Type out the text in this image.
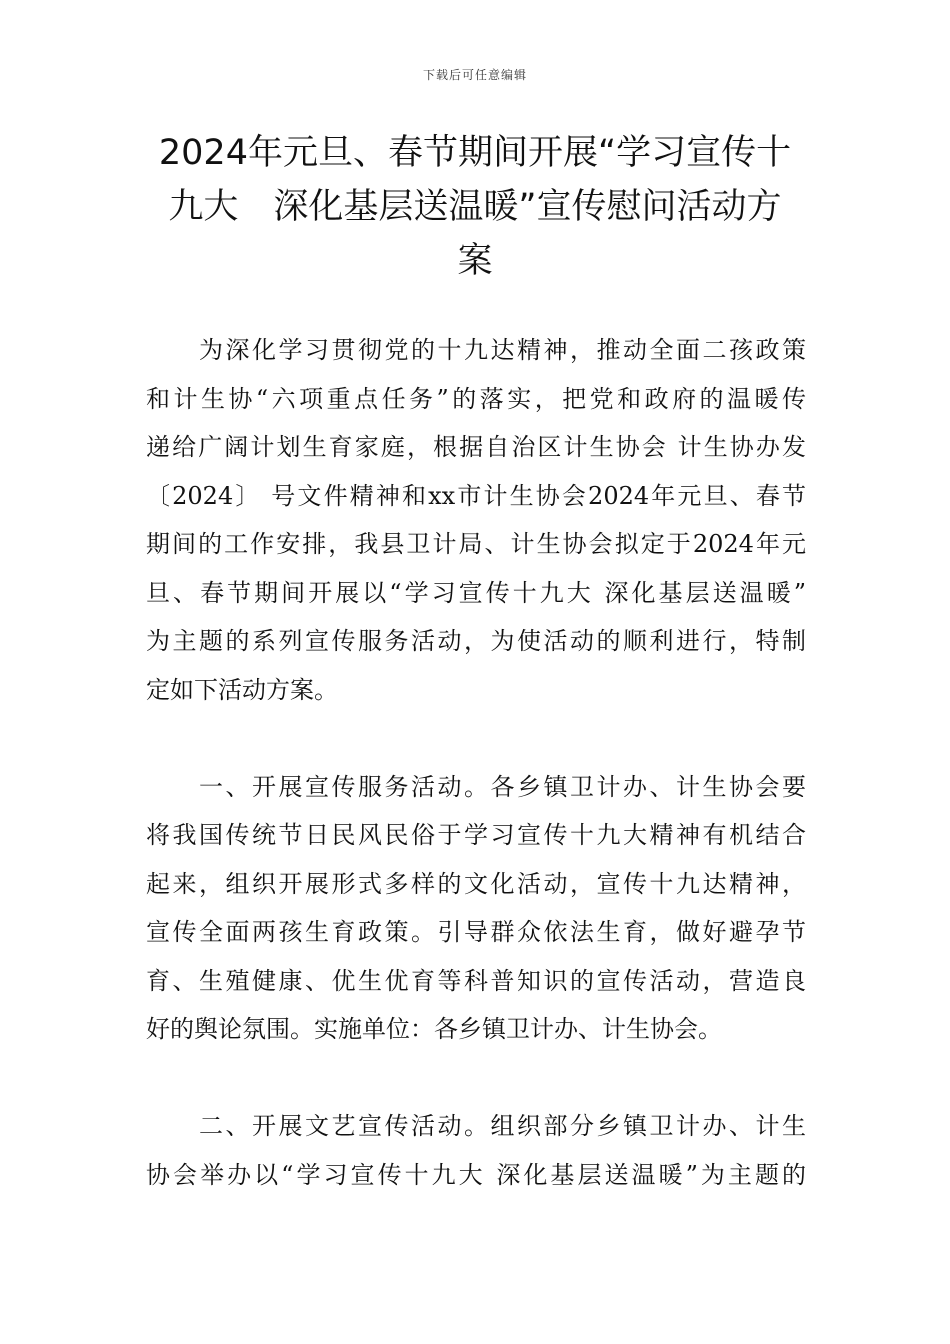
下载后可任意编辑
2024年元旦、春节期间开展“学习宣传十
九大　深化基层送温暖”宣传慰问活动方
案

　　为深化学习贯彻党的十九达精神，推动全面二孩政策
和计生协“六项重点任务”的落实，把党和政府的温暖传
递给广阔计划生育家庭，根据自治区计生协会 计生协办发
〔2024〕 号文件精神和xx市计生协会2024年元旦、春节
期间的工作安排，我县卫计局、计生协会拟定于2024年元
旦、春节期间开展以“学习宣传十九大 深化基层送温暖”
为主题的系列宣传服务活动，为使活动的顺利进行，特制
定如下活动方案。

　　一、开展宣传服务活动。各乡镇卫计办、计生协会要
将我国传统节日民风民俗于学习宣传十九大精神有机结合
起来，组织开展形式多样的文化活动，宣传十九达精神，
宣传全面两孩生育政策。引导群众依法生育，做好避孕节
育、生殖健康、优生优育等科普知识的宣传活动，营造良
好的舆论氛围。实施单位：各乡镇卫计办、计生协会。

　　二、开展文艺宣传活动。组织部分乡镇卫计办、计生
协会举办以“学习宣传十九大 深化基层送温暖”为主题的
